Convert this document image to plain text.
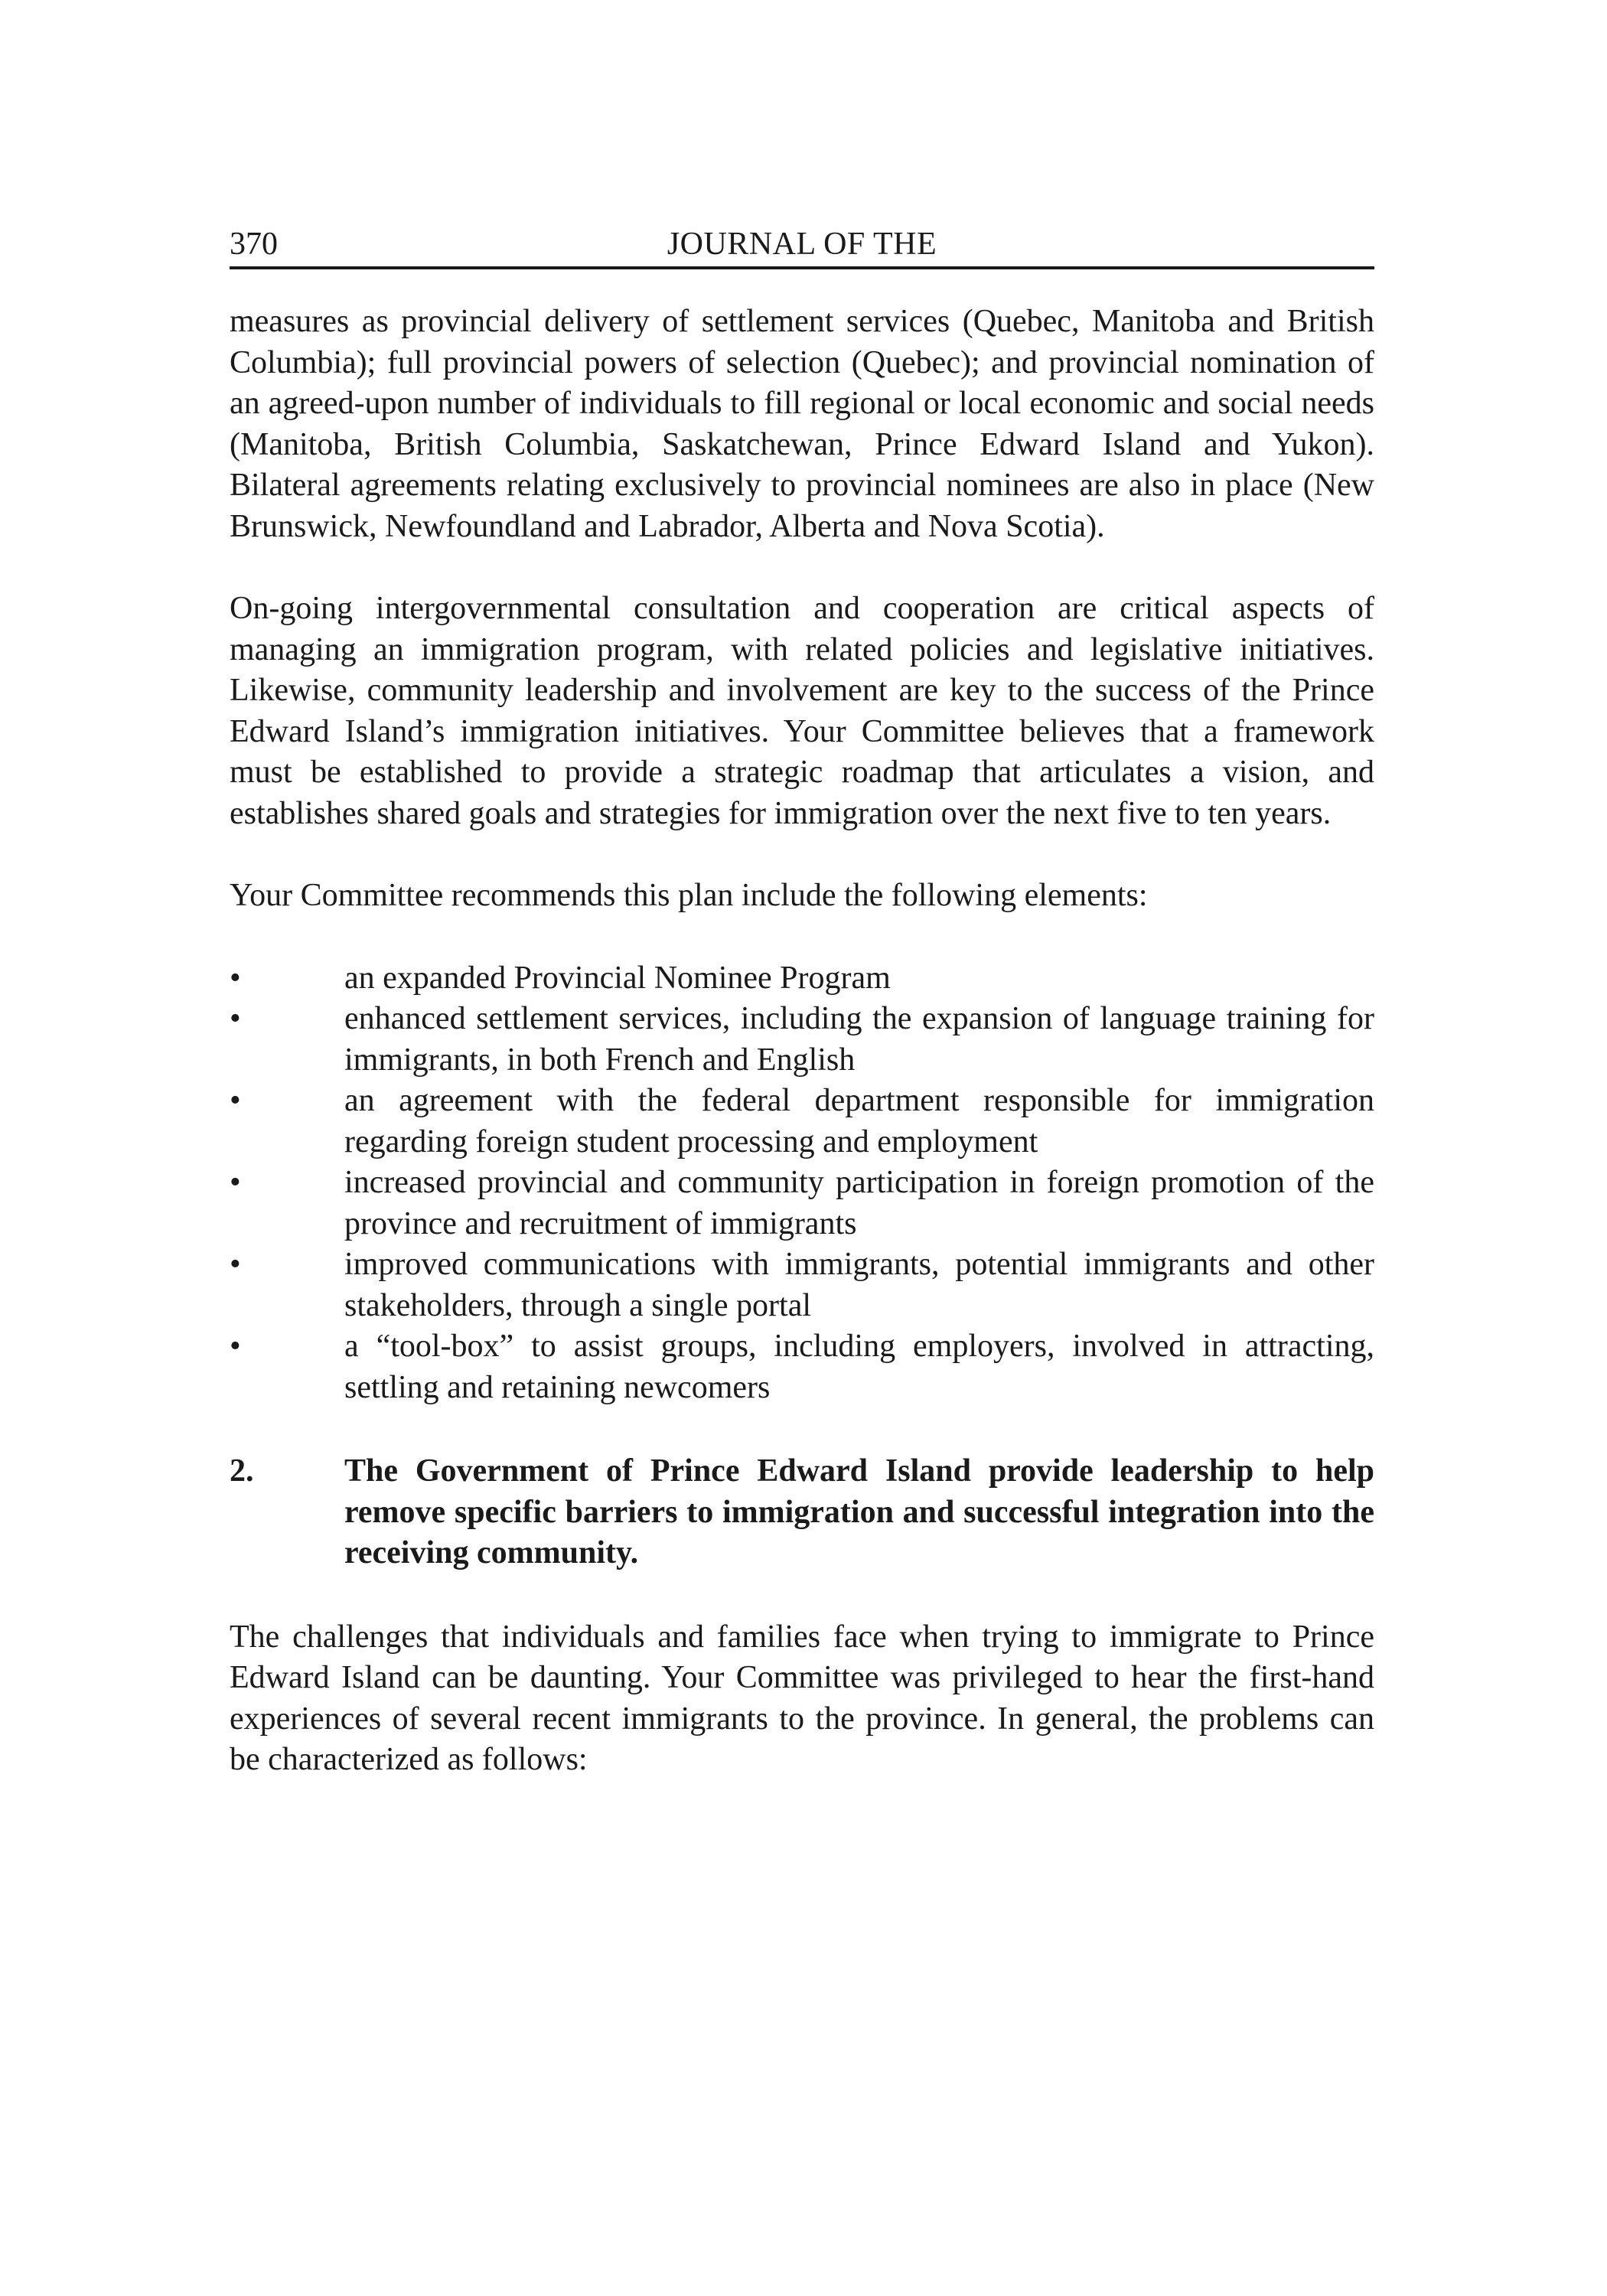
370	JOURNAL OF THE

measures as provincial delivery of settlement services (Quebec, Manitoba and British Columbia); full provincial powers of selection (Quebec); and provincial nomination of an agreed-upon number of individuals to fill regional or local economic and social needs (Manitoba, British Columbia, Saskatchewan, Prince Edward Island and Yukon). Bilateral agreements relating exclusively to provincial nominees are also in place (New Brunswick, Newfoundland and Labrador, Alberta and Nova Scotia).

On-going intergovernmental consultation and cooperation are critical aspects of managing an immigration program, with related policies and legislative initiatives. Likewise, community leadership and involvement are key to the success of the Prince Edward Island’s immigration initiatives. Your Committee believes that a framework must be established to provide a strategic roadmap that articulates a vision, and establishes shared goals and strategies for immigration over the next five to ten years.

Your Committee recommends this plan include the following elements:

•	an expanded Provincial Nominee Program
•	enhanced settlement services, including the expansion of language training for immigrants, in both French and English
•	an agreement with the federal department responsible for immigration regarding foreign student processing and employment
•	increased provincial and community participation in foreign promotion of the province and recruitment of immigrants
•	improved communications with immigrants, potential immigrants and other stakeholders, through a single portal
•	a “tool-box” to assist groups, including employers, involved in attracting, settling and retaining newcomers
2.	The Government of Prince Edward Island provide leadership to help remove specific barriers to immigration and successful integration into the receiving community.

The challenges that individuals and families face when trying to immigrate to Prince Edward Island can be daunting. Your Committee was privileged to hear the first-hand experiences of several recent immigrants to the province. In general, the problems can be characterized as follows:
